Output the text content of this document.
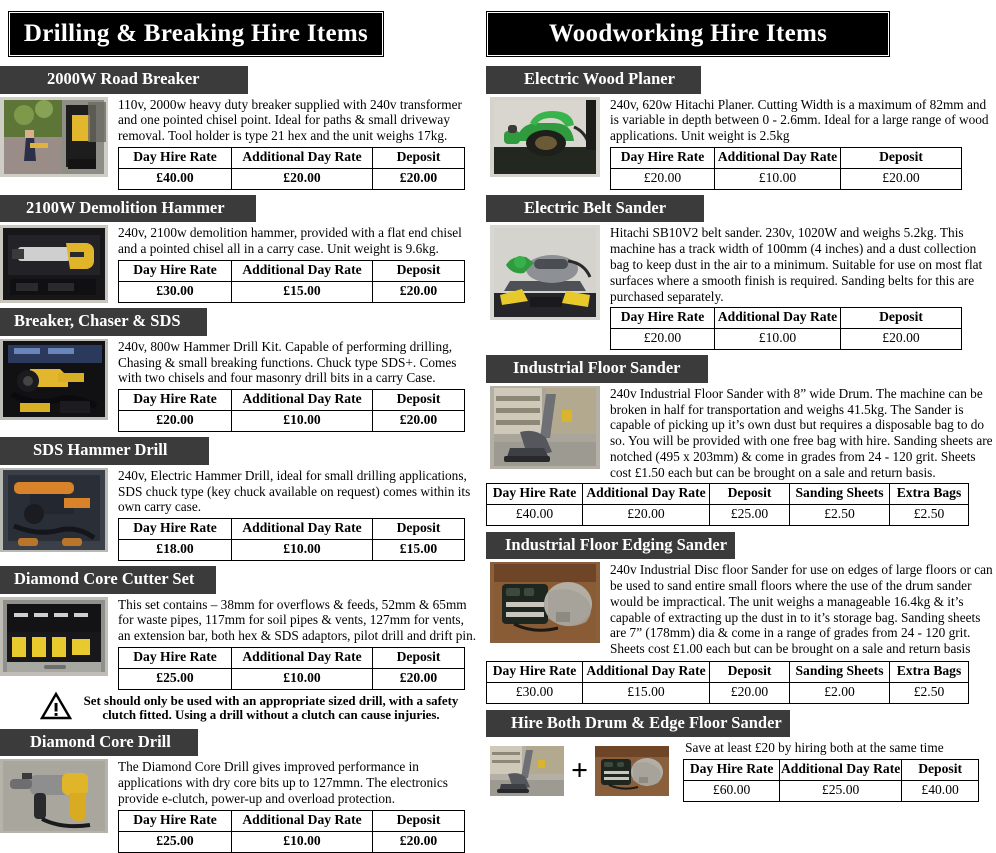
Drilling & Breaking Hire Items
2000W Road Breaker

110v, 2000w heavy duty breaker supplied with 240v transformer and one pointed chisel point. Ideal for paths & small driveway removal. Tool holder is type 21 hex and the unit weighs 17kg.

Day Hire Rate	Additional Day Rate	Deposit
£40.00	£20.00	£20.00
2100W Demolition Hammer

240v, 2100w demolition hammer, provided with a flat end chisel and a pointed chisel all in a carry case. Unit weight is 9.6kg.

Day Hire Rate	Additional Day Rate	Deposit
£30.00	£15.00	£20.00
Breaker, Chaser & SDS

240v, 800w Hammer Drill Kit. Capable of performing drilling, Chasing & small breaking functions. Chuck type SDS+. Comes with two chisels and four masonry drill bits in a carry Case.

Day Hire Rate	Additional Day Rate	Deposit
£20.00	£10.00	£20.00
SDS Hammer Drill

240v, Electric Hammer Drill, ideal for small drilling applications, SDS chuck type (key chuck available on request) comes within its own carry case.

Day Hire Rate	Additional Day Rate	Deposit
£18.00	£10.00	£15.00
Diamond Core Cutter Set

This set contains – 38mm for overflows & feeds, 52mm & 65mm for waste pipes, 117mm for soil pipes & vents, 127mm for vents, an extension bar, both hex & SDS adaptors, pilot drill and drift pin.

Day Hire Rate	Additional Day Rate	Deposit
£25.00	£10.00	£20.00
Set should only be used with an appropriate sized drill, with a safety clutch fitted. Using a drill without a clutch can cause injuries.
Diamond Core Drill

The Diamond Core Drill gives improved performance in applications with dry core bits up to 127mmn. The electronics provide e-clutch, power-up and overload protection.

Day Hire Rate	Additional Day Rate	Deposit
£25.00	£10.00	£20.00
Woodworking Hire Items
Electric Wood Planer

240v, 620w Hitachi Planer. Cutting Width is a maximum of 82mm and is variable in depth between 0 - 2.6mm. Ideal for a large range of wood applications. Unit weight is 2.5kg

Day Hire Rate	Additional Day Rate	Deposit
£20.00	£10.00	£20.00
Electric Belt Sander

Hitachi SB10V2 belt sander. 230v, 1020W and weighs 5.2kg. This machine has a track width of 100mm (4 inches) and a dust collection bag to keep dust in the air to a minimum. Suitable for use on most flat surfaces where a smooth finish is required. Sanding belts for this are purchased separately.

Day Hire Rate	Additional Day Rate	Deposit
£20.00	£10.00	£20.00
Industrial Floor Sander

240v Industrial Floor Sander with 8” wide Drum. The machine can be broken in half for transportation and weighs 41.5kg. The Sander is capable of picking up it’s own dust but requires a disposable bag to do so. You will be provided with one free bag with hire. Sanding sheets are notched (495 x 203mm) & come in grades from 24 - 120 grit. Sheets cost £1.50 each but can be brought on a sale and return basis.

Day Hire Rate	Additional Day Rate	Deposit	Sanding Sheets	Extra Bags
£40.00	£20.00	£25.00	£2.50	£2.50
Industrial Floor Edging Sander

240v Industrial Disc floor Sander for use on edges of large floors or can be used to sand entire small floors where the use of the drum sander would be impractical. The unit weighs a manageable 16.4kg & it’s capable of extracting up the dust in to it’s storage bag. Sanding sheets are 7” (178mm) dia & come in a range of grades from 24 - 120 grit. Sheets cost £1.00 each but can be brought on a sale and return basis

Day Hire Rate	Additional Day Rate	Deposit	Sanding Sheets	Extra Bags
£30.00	£15.00	£20.00	£2.00	£2.50
Hire Both Drum & Edge Floor Sander
+

Save at least £20 by hiring both at the same time

Day Hire Rate	Additional Day Rate	Deposit
£60.00	£25.00	£40.00
